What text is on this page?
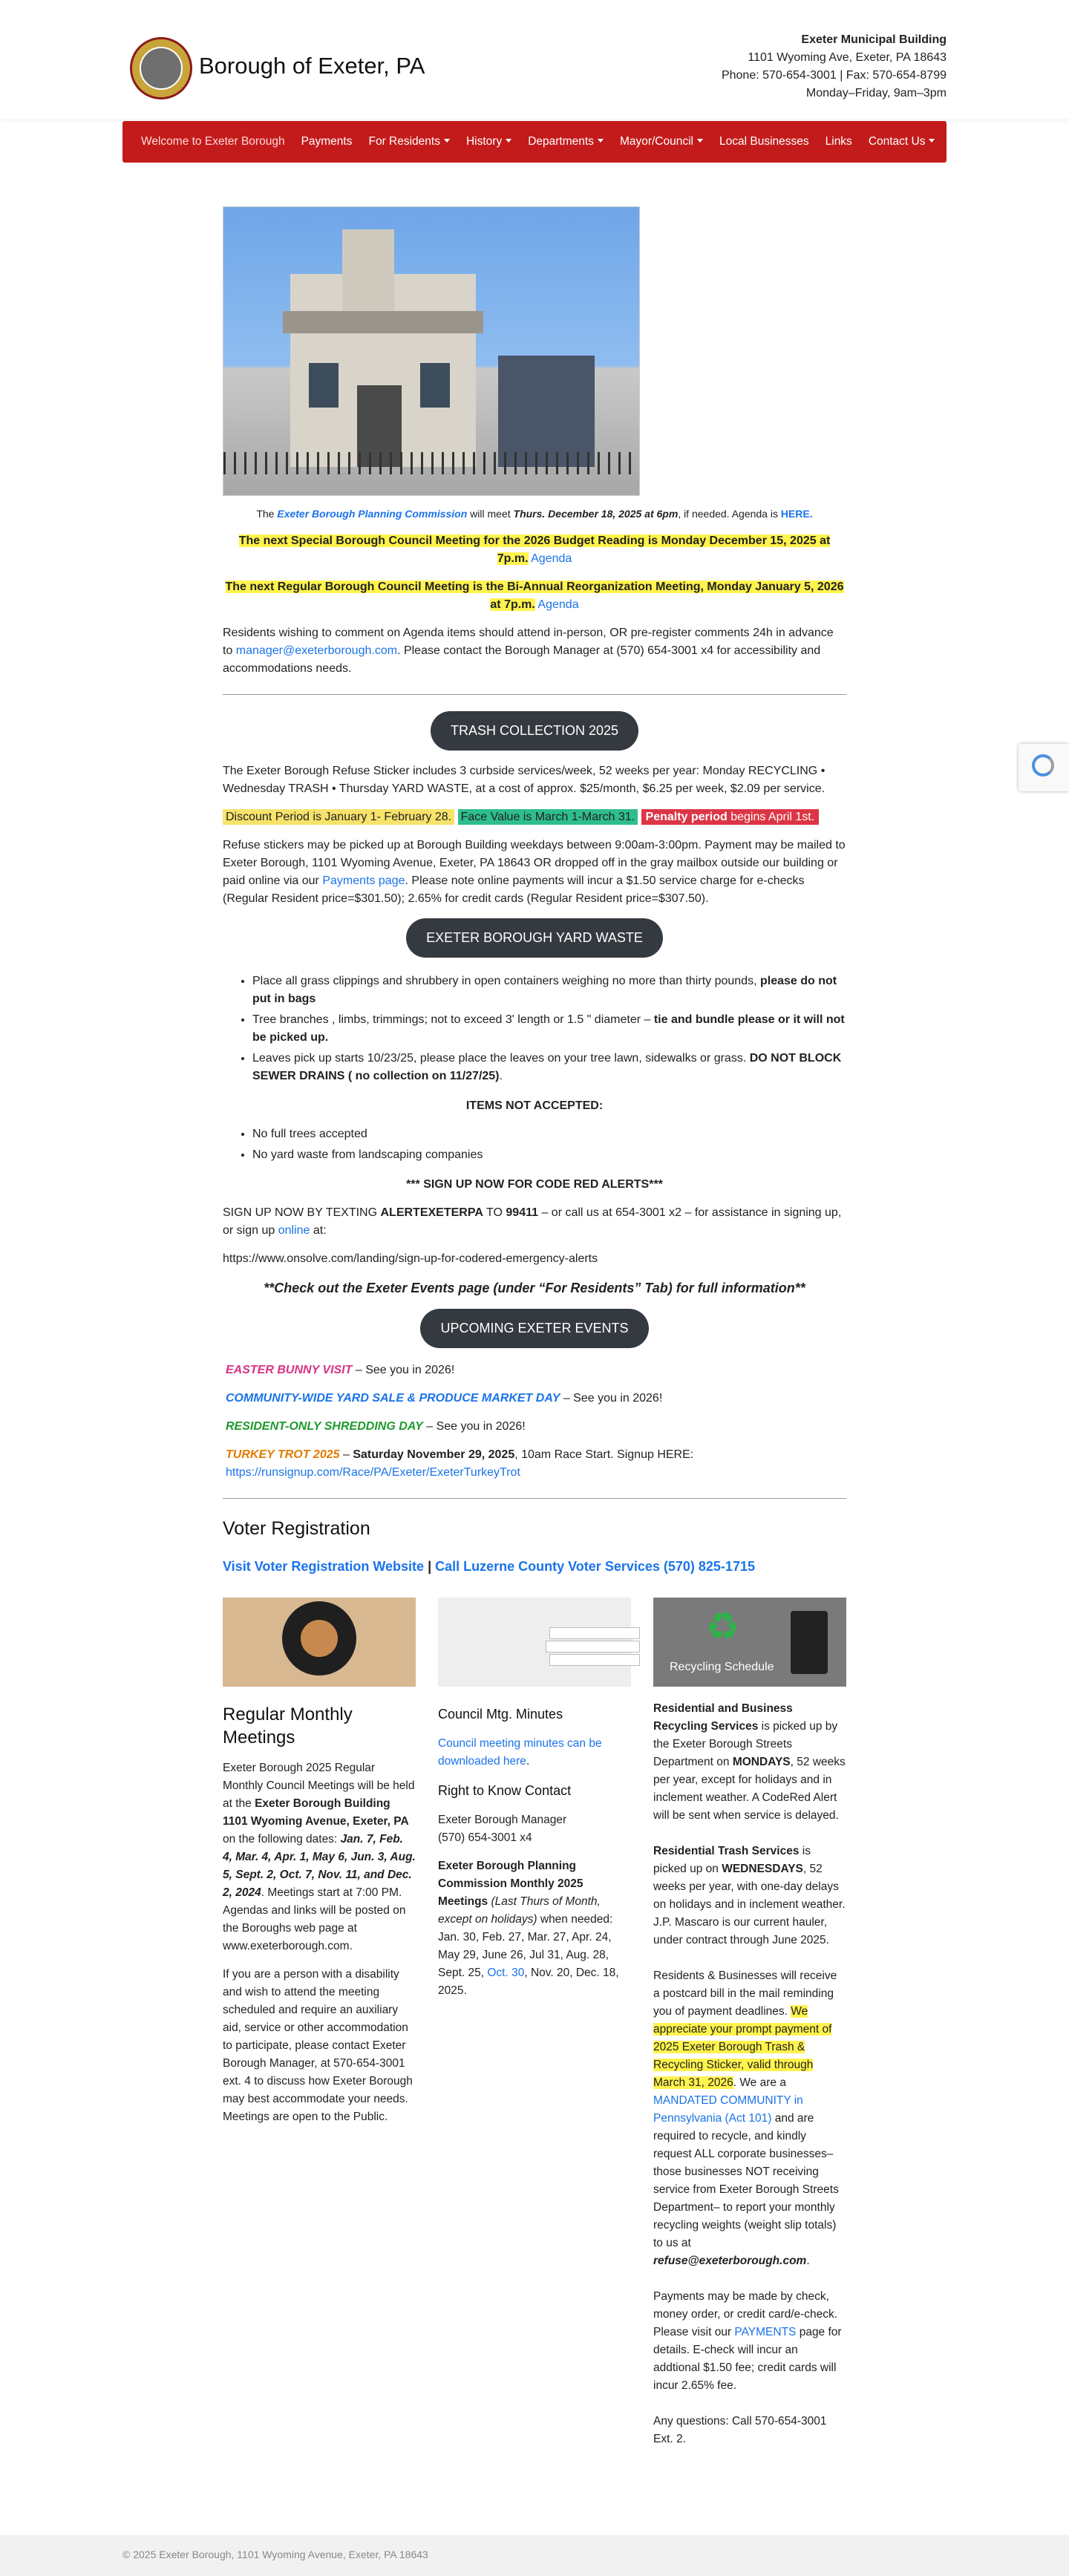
Borough of Exeter, PA
Exeter Municipal Building
1101 Wyoming Ave, Exeter, PA 18643
Phone: 570-654-3001 | Fax: 570-654-8799
Monday–Friday, 9am–3pm
Welcome to Exeter Borough Payments For Residents History Departments Mayor/Council Local Businesses Links Contact Us Bl

The Exeter Borough Planning Commission will meet Thurs. December 18, 2025 at 6pm, if needed. Agenda is HERE.

The next Special Borough Council Meeting for the 2026 Budget Reading is Monday December 15, 2025 at 7p.m. Agenda

The next Regular Borough Council Meeting is the Bi-Annual Reorganization Meeting, Monday January 5, 2026 at 7p.m. Agenda

Residents wishing to comment on Agenda items should attend in-person, OR pre-register comments 24h in advance to manager@exeterborough.com. Please contact the Borough Manager at (570) 654-3001 x4 for accessibility and accommodations needs.

TRASH COLLECTION 2025

The Exeter Borough Refuse Sticker includes 3 curbside services/week, 52 weeks per year: Monday RECYCLING • Wednesday TRASH • Thursday YARD WASTE, at a cost of approx. $25/month, $6.25 per week, $2.09 per service.

Discount Period is January 1- February 28. Face Value is March 1-March 31. Penalty period begins April 1st.

Refuse stickers may be picked up at Borough Building weekdays between 9:00am-3:00pm. Payment may be mailed to Exeter Borough, 1101 Wyoming Avenue, Exeter, PA 18643 OR dropped off in the gray mailbox outside our building or paid online via our Payments page. Please note online payments will incur a $1.50 service charge for e-checks (Regular Resident price=$301.50); 2.65% for credit cards (Regular Resident price=$307.50).

EXETER BOROUGH YARD WASTE
• Place all grass clippings and shrubbery in open containers weighing no more than thirty pounds, please do not put in bags
• Tree branches , limbs, trimmings; not to exceed 3' length or 1.5 " diameter – tie and bundle please or it will not be picked up.
• Leaves pick up starts 10/23/25, please place the leaves on your tree lawn, sidewalks or grass. DO NOT BLOCK SEWER DRAINS ( no collection on 11/27/25).

ITEMS NOT ACCEPTED:

• No full trees accepted
• No yard waste from landscaping companies

*** SIGN UP NOW FOR CODE RED ALERTS***

SIGN UP NOW BY TEXTING ALERTEXETERPA TO 99411 – or call us at 654-3001 x2 – for assistance in signing up, or sign up online at:

https://www.onsolve.com/landing/sign-up-for-codered-emergency-alerts

**Check out the Exeter Events page (under “For Residents” Tab) for full information**

UPCOMING EXETER EVENTS

EASTER BUNNY VISIT – See you in 2026!

COMMUNITY-WIDE YARD SALE & PRODUCE MARKET DAY – See you in 2026!

RESIDENT-ONLY SHREDDING DAY – See you in 2026!

TURKEY TROT 2025 – Saturday November 29, 2025, 10am Race Start. Signup HERE:
https://runsignup.com/Race/PA/Exeter/ExeterTurkeyTrot

Voter Registration

Visit Voter Registration Website | Call Luzerne County Voter Services (570) 825-1715

Regular Monthly Meetings

Exeter Borough 2025 Regular Monthly Council Meetings will be held at the Exeter Borough Building 1101 Wyoming Avenue, Exeter, PA on the following dates: Jan. 7, Feb. 4, Mar. 4, Apr. 1, May 6, Jun. 3, Aug. 5, Sept. 2, Oct. 7, Nov. 11, and Dec. 2, 2024. Meetings start at 7:00 PM. Agendas and links will be posted on the Boroughs web page at www.exeterborough.com.

If you are a person with a disability and wish to attend the meeting scheduled and require an auxiliary aid, service or other accommodation to participate, please contact Exeter Borough Manager, at 570-654-3001 ext. 4 to discuss how Exeter Borough may best accommodate your needs. Meetings are open to the Public.

Council Mtg. Minutes

Council meeting minutes can be downloaded here.

Right to Know Contact

Exeter Borough Manager
(570) 654-3001 x4

Exeter Borough Planning Commission Monthly 2025 Meetings (Last Thurs of Month, except on holidays) when needed: Jan. 30, Feb. 27, Mar. 27, Apr. 24, May 29, June 26, Jul 31, Aug. 28, Sept. 25, Oct. 30, Nov. 20, Dec. 18, 2025.

♻
Recycling Schedule

Residential and Business Recycling Services is picked up by the Exeter Borough Streets Department on MONDAYS, 52 weeks per year, except for holidays and in inclement weather. A CodeRed Alert will be sent when service is delayed.

Residential Trash Services is picked up on WEDNESDAYS, 52 weeks per year, with one-day delays on holidays and in inclement weather. J.P. Mascaro is our current hauler, under contract through June 2025.

Residents & Businesses will receive a postcard bill in the mail reminding you of payment deadlines. We appreciate your prompt payment of 2025 Exeter Borough Trash & Recycling Sticker, valid through March 31, 2026. We are a MANDATED COMMUNITY in Pennsylvania (Act 101) and are required to recycle, and kindly request ALL corporate businesses– those businesses NOT receiving service from Exeter Borough Streets Department– to report your monthly recycling weights (weight slip totals) to us at refuse@exeterborough.com.

Payments may be made by check, money order, or credit card/e-check. Please visit our PAYMENTS page for details. E-check will incur an addtional $1.50 fee; credit cards will incur 2.65% fee.

Any questions: Call 570-654-3001 Ext. 2.

© 2025 Exeter Borough, 1101 Wyoming Avenue, Exeter, PA 18643
